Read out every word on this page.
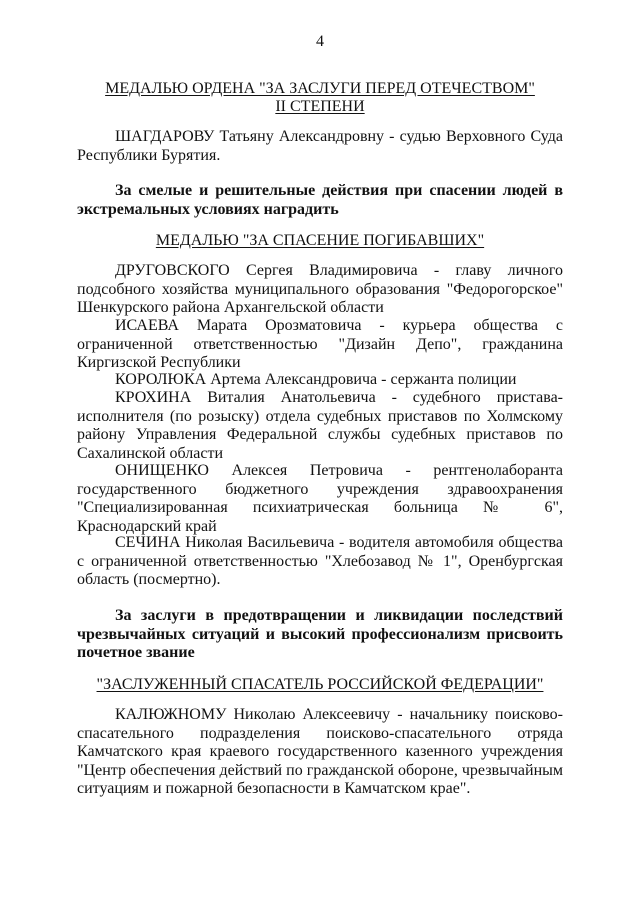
4
МЕДАЛЬЮ ОРДЕНА "ЗА ЗАСЛУГИ ПЕРЕД ОТЕЧЕСТВОМ"
II СТЕПЕНИ
ШАГДАРОВУ Татьяну Александровну - судью Верховного Суда Республики Бурятия.
За смелые и решительные действия при спасении людей в экстремальных условиях наградить
МЕДАЛЬЮ "ЗА СПАСЕНИЕ ПОГИБАВШИХ"
ДРУГОВСКОГО Сергея Владимировича - главу личного подсобного хозяйства муниципального образования "Федорогорское" Шенкурского района Архангельской области
ИСАЕВА Марата Орозматовича - курьера общества с ограниченной ответственностью "Дизайн Депо", гражданина Киргизской Республики
КОРОЛЮКА Артема Александровича - сержанта полиции
КРОХИНА Виталия Анатольевича - судебного пристава-исполнителя (по розыску) отдела судебных приставов по Холмскому району Управления Федеральной службы судебных приставов по Сахалинской области
ОНИЩЕНКО Алексея Петровича - рентгенолаборанта государственного бюджетного учреждения здравоохранения "Специализированная психиатрическая больница № 6", Краснодарский край
СЕЧИНА Николая Васильевича - водителя автомобиля общества с ограниченной ответственностью "Хлебозавод № 1", Оренбургская область (посмертно).
За заслуги в предотвращении и ликвидации последствий чрезвычайных ситуаций и высокий профессионализм присвоить почетное звание
"ЗАСЛУЖЕННЫЙ СПАСАТЕЛЬ РОССИЙСКОЙ ФЕДЕРАЦИИ"
КАЛЮЖНОМУ Николаю Алексеевичу - начальнику поисково-спасательного подразделения поисково-спасательного отряда Камчатского края краевого государственного казенного учреждения "Центр обеспечения действий по гражданской обороне, чрезвычайным ситуациям и пожарной безопасности в Камчатском крае".
